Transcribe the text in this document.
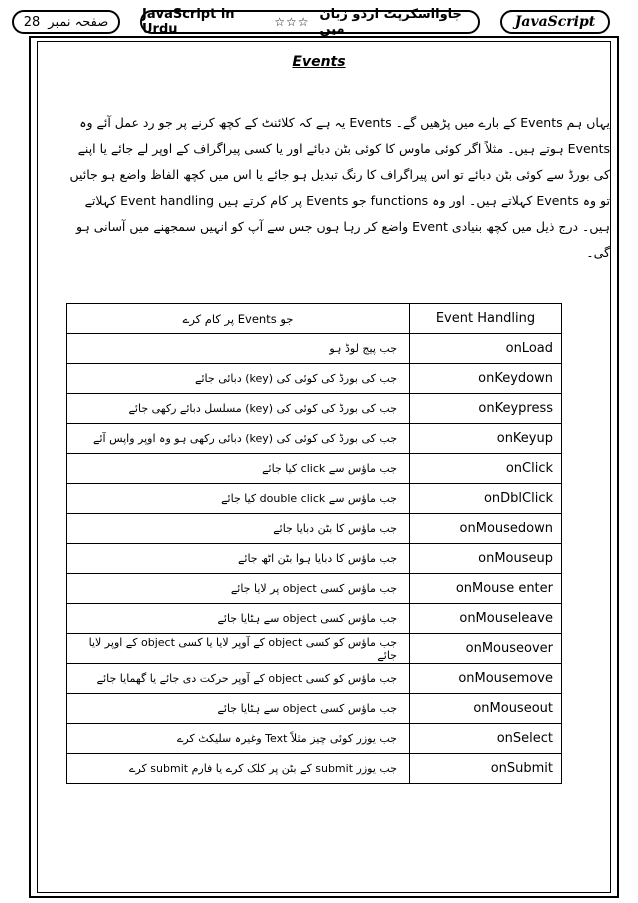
28 صفحہ نمبر	JavaScript in Urdu	☆☆☆ جاوااسکرپٹ اردو زبان میں	JavaScript
Events
یہاں ہم Events کے بارے میں پڑھیں گے۔ Events یہ ہے کہ کلائنٹ کے کچھ کرنے پر جو رد عمل آئے وہ Events ہوتے ہیں۔ مثلاً اگر کوئی ماوس کا کوئی بٹن دبائے اور یا کسی پیراگراف کے اوپر لے جائے یا اپنے کی بورڈ سے کوئی بٹن دبائے تو اس پیراگراف کا رنگ تبدیل ہو جائے یا اس میں کچھ الفاظ واضع ہو جائیں تو وہ Events کہلاتے ہیں۔ اور وہ functions جو Events پر کام کرتے ہیں Event handling کہلاتے ہیں۔ درج ذیل میں کچھ بنیادی Event واضع کر رہا ہوں جس سے آپ کو انہیں سمجھنے میں آسانی ہو گی۔
جو Events پر کام کرے	Event Handling
جب پیج لوڈ ہو	onLoad
جب کی بورڈ کی کوئی کی (key) دبائی جائے	onKeydown
جب کی بورڈ کی کوئی کی (key) مسلسل دبائے رکھی جائے	onKeypress
جب کی بورڈ کی کوئی کی (key) دبائی رکھی ہو وہ اوپر واپس آئے	onKeyup
جب ماؤس سے click کیا جائے	onClick
جب ماؤس سے double click کیا جائے	onDblClick
جب ماؤس کا بٹن دبایا جائے	onMousedown
جب ماؤس کا دبایا ہوا بٹن اٹھ جائے	onMouseup
جب ماؤس کسی object پر لایا جائے	onMouse enter
جب ماؤس کسی object سے ہٹایا جائے	onMouseleave
جب ماؤس کو کسی object کے آوپر لایا یا کسی object کے اوپر لایا جائے	onMouseover
جب ماؤس کو کسی object کے آوپر حرکت دی جائے یا گھمایا جائے	onMousemove
جب ماؤس کسی object سے ہٹایا جائے	onMouseout
جب یوزر کوئی چیز مثلاً Text وغیرہ سلیکٹ کرے	onSelect
جب یوزر submit کے بٹن پر کلک کرے یا فارم submit کرے	onSubmit
